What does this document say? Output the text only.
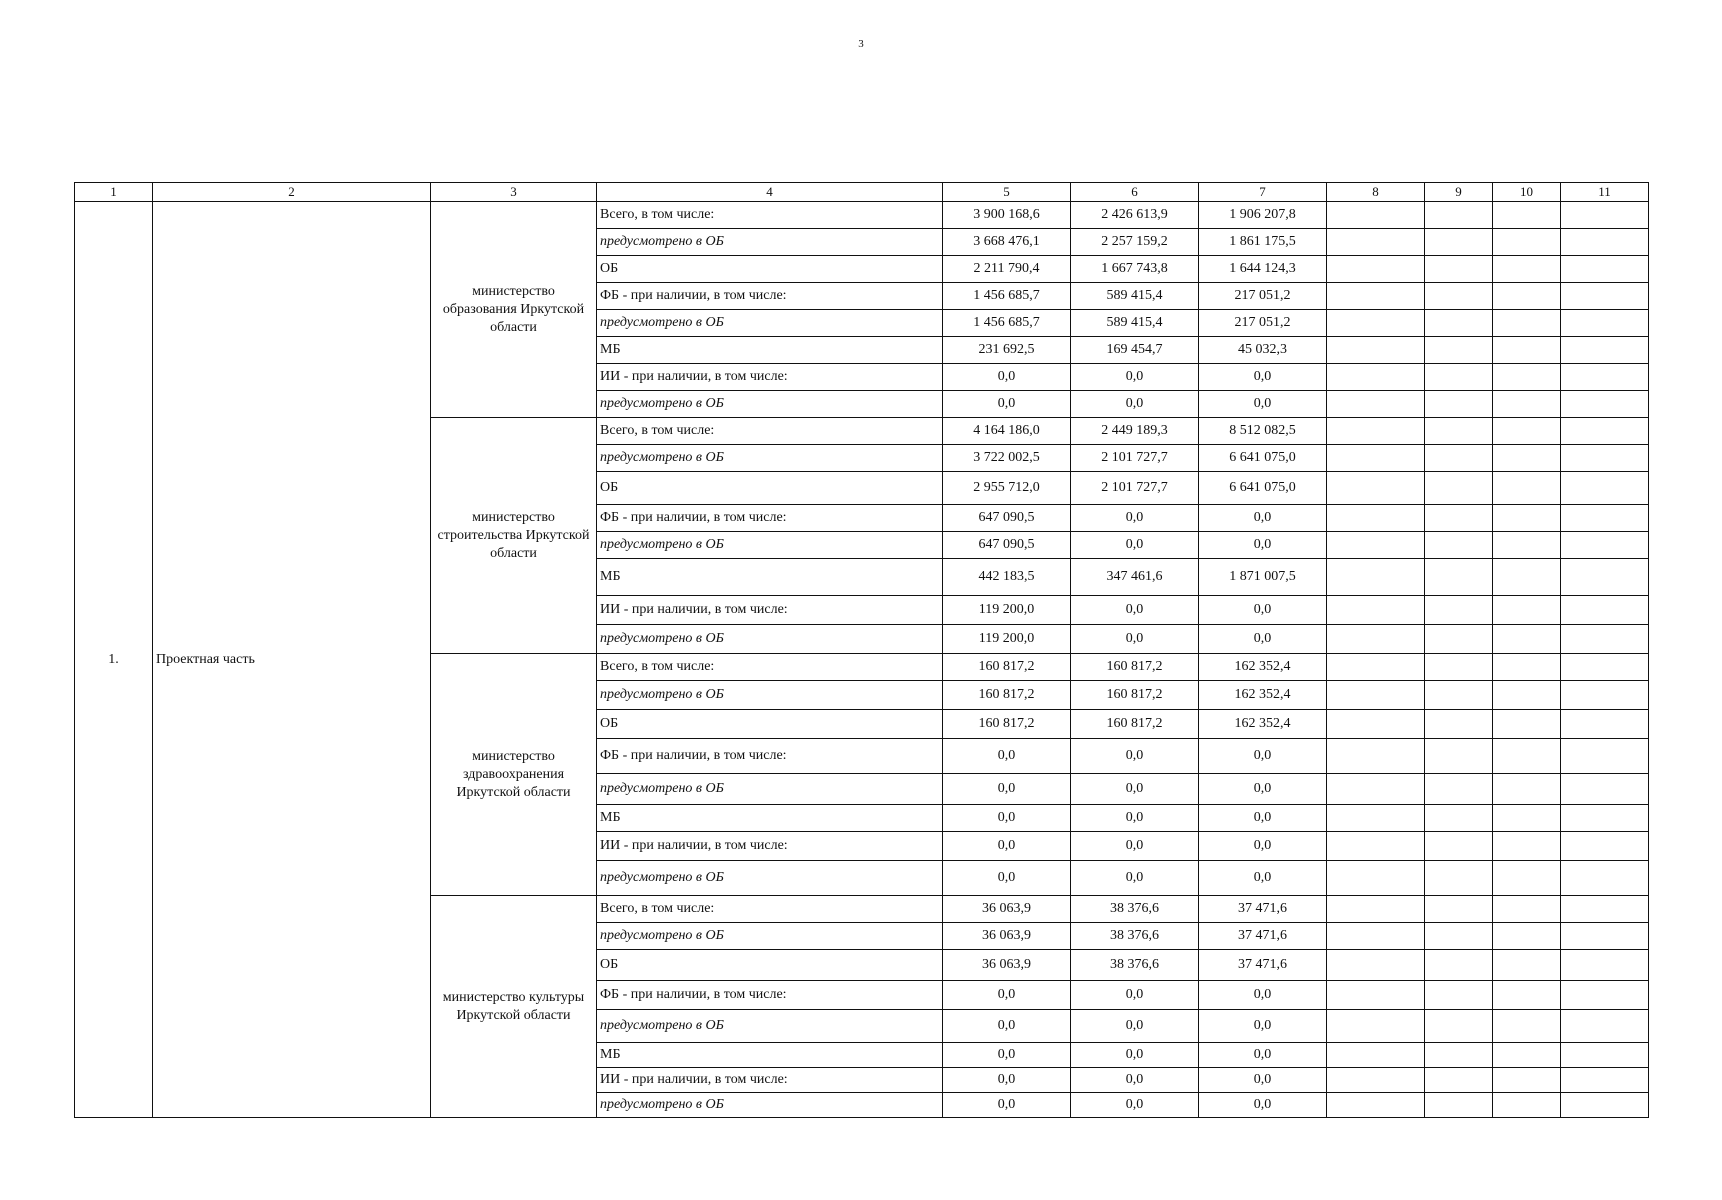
3
1	2	3	4	5	6	7	8	9	10	11
1.	Проектная часть	министерство образования Иркутской области	Всего, в том числе:	3 900 168,6	2 426 613,9	1 906 207,8				
			предусмотрено в ОБ	3 668 476,1	2 257 159,2	1 861 175,5				
			ОБ	2 211 790,4	1 667 743,8	1 644 124,3				
			ФБ - при наличии, в том числе:	1 456 685,7	589 415,4	217 051,2				
			предусмотрено в ОБ	1 456 685,7	589 415,4	217 051,2				
			МБ	231 692,5	169 454,7	45 032,3				
			ИИ - при наличии, в том числе:	0,0	0,0	0,0				
			предусмотрено в ОБ	0,0	0,0	0,0				
		министерство строительства Иркутской области	Всего, в том числе:	4 164 186,0	2 449 189,3	8 512 082,5				
			предусмотрено в ОБ	3 722 002,5	2 101 727,7	6 641 075,0				
			ОБ	2 955 712,0	2 101 727,7	6 641 075,0				
			ФБ - при наличии, в том числе:	647 090,5	0,0	0,0				
			предусмотрено в ОБ	647 090,5	0,0	0,0				
			МБ	442 183,5	347 461,6	1 871 007,5				
			ИИ - при наличии, в том числе:	119 200,0	0,0	0,0				
			предусмотрено в ОБ	119 200,0	0,0	0,0				
		министерство здравоохранения Иркутской области	Всего, в том числе:	160 817,2	160 817,2	162 352,4				
			предусмотрено в ОБ	160 817,2	160 817,2	162 352,4				
			ОБ	160 817,2	160 817,2	162 352,4				
			ФБ - при наличии, в том числе:	0,0	0,0	0,0				
			предусмотрено в ОБ	0,0	0,0	0,0				
			МБ	0,0	0,0	0,0				
			ИИ - при наличии, в том числе:	0,0	0,0	0,0				
			предусмотрено в ОБ	0,0	0,0	0,0				
		министерство культуры Иркутской области	Всего, в том числе:	36 063,9	38 376,6	37 471,6				
			предусмотрено в ОБ	36 063,9	38 376,6	37 471,6				
			ОБ	36 063,9	38 376,6	37 471,6				
			ФБ - при наличии, в том числе:	0,0	0,0	0,0				
			предусмотрено в ОБ	0,0	0,0	0,0				
			МБ	0,0	0,0	0,0				
			ИИ - при наличии, в том числе:	0,0	0,0	0,0				
			предусмотрено в ОБ	0,0	0,0	0,0				
